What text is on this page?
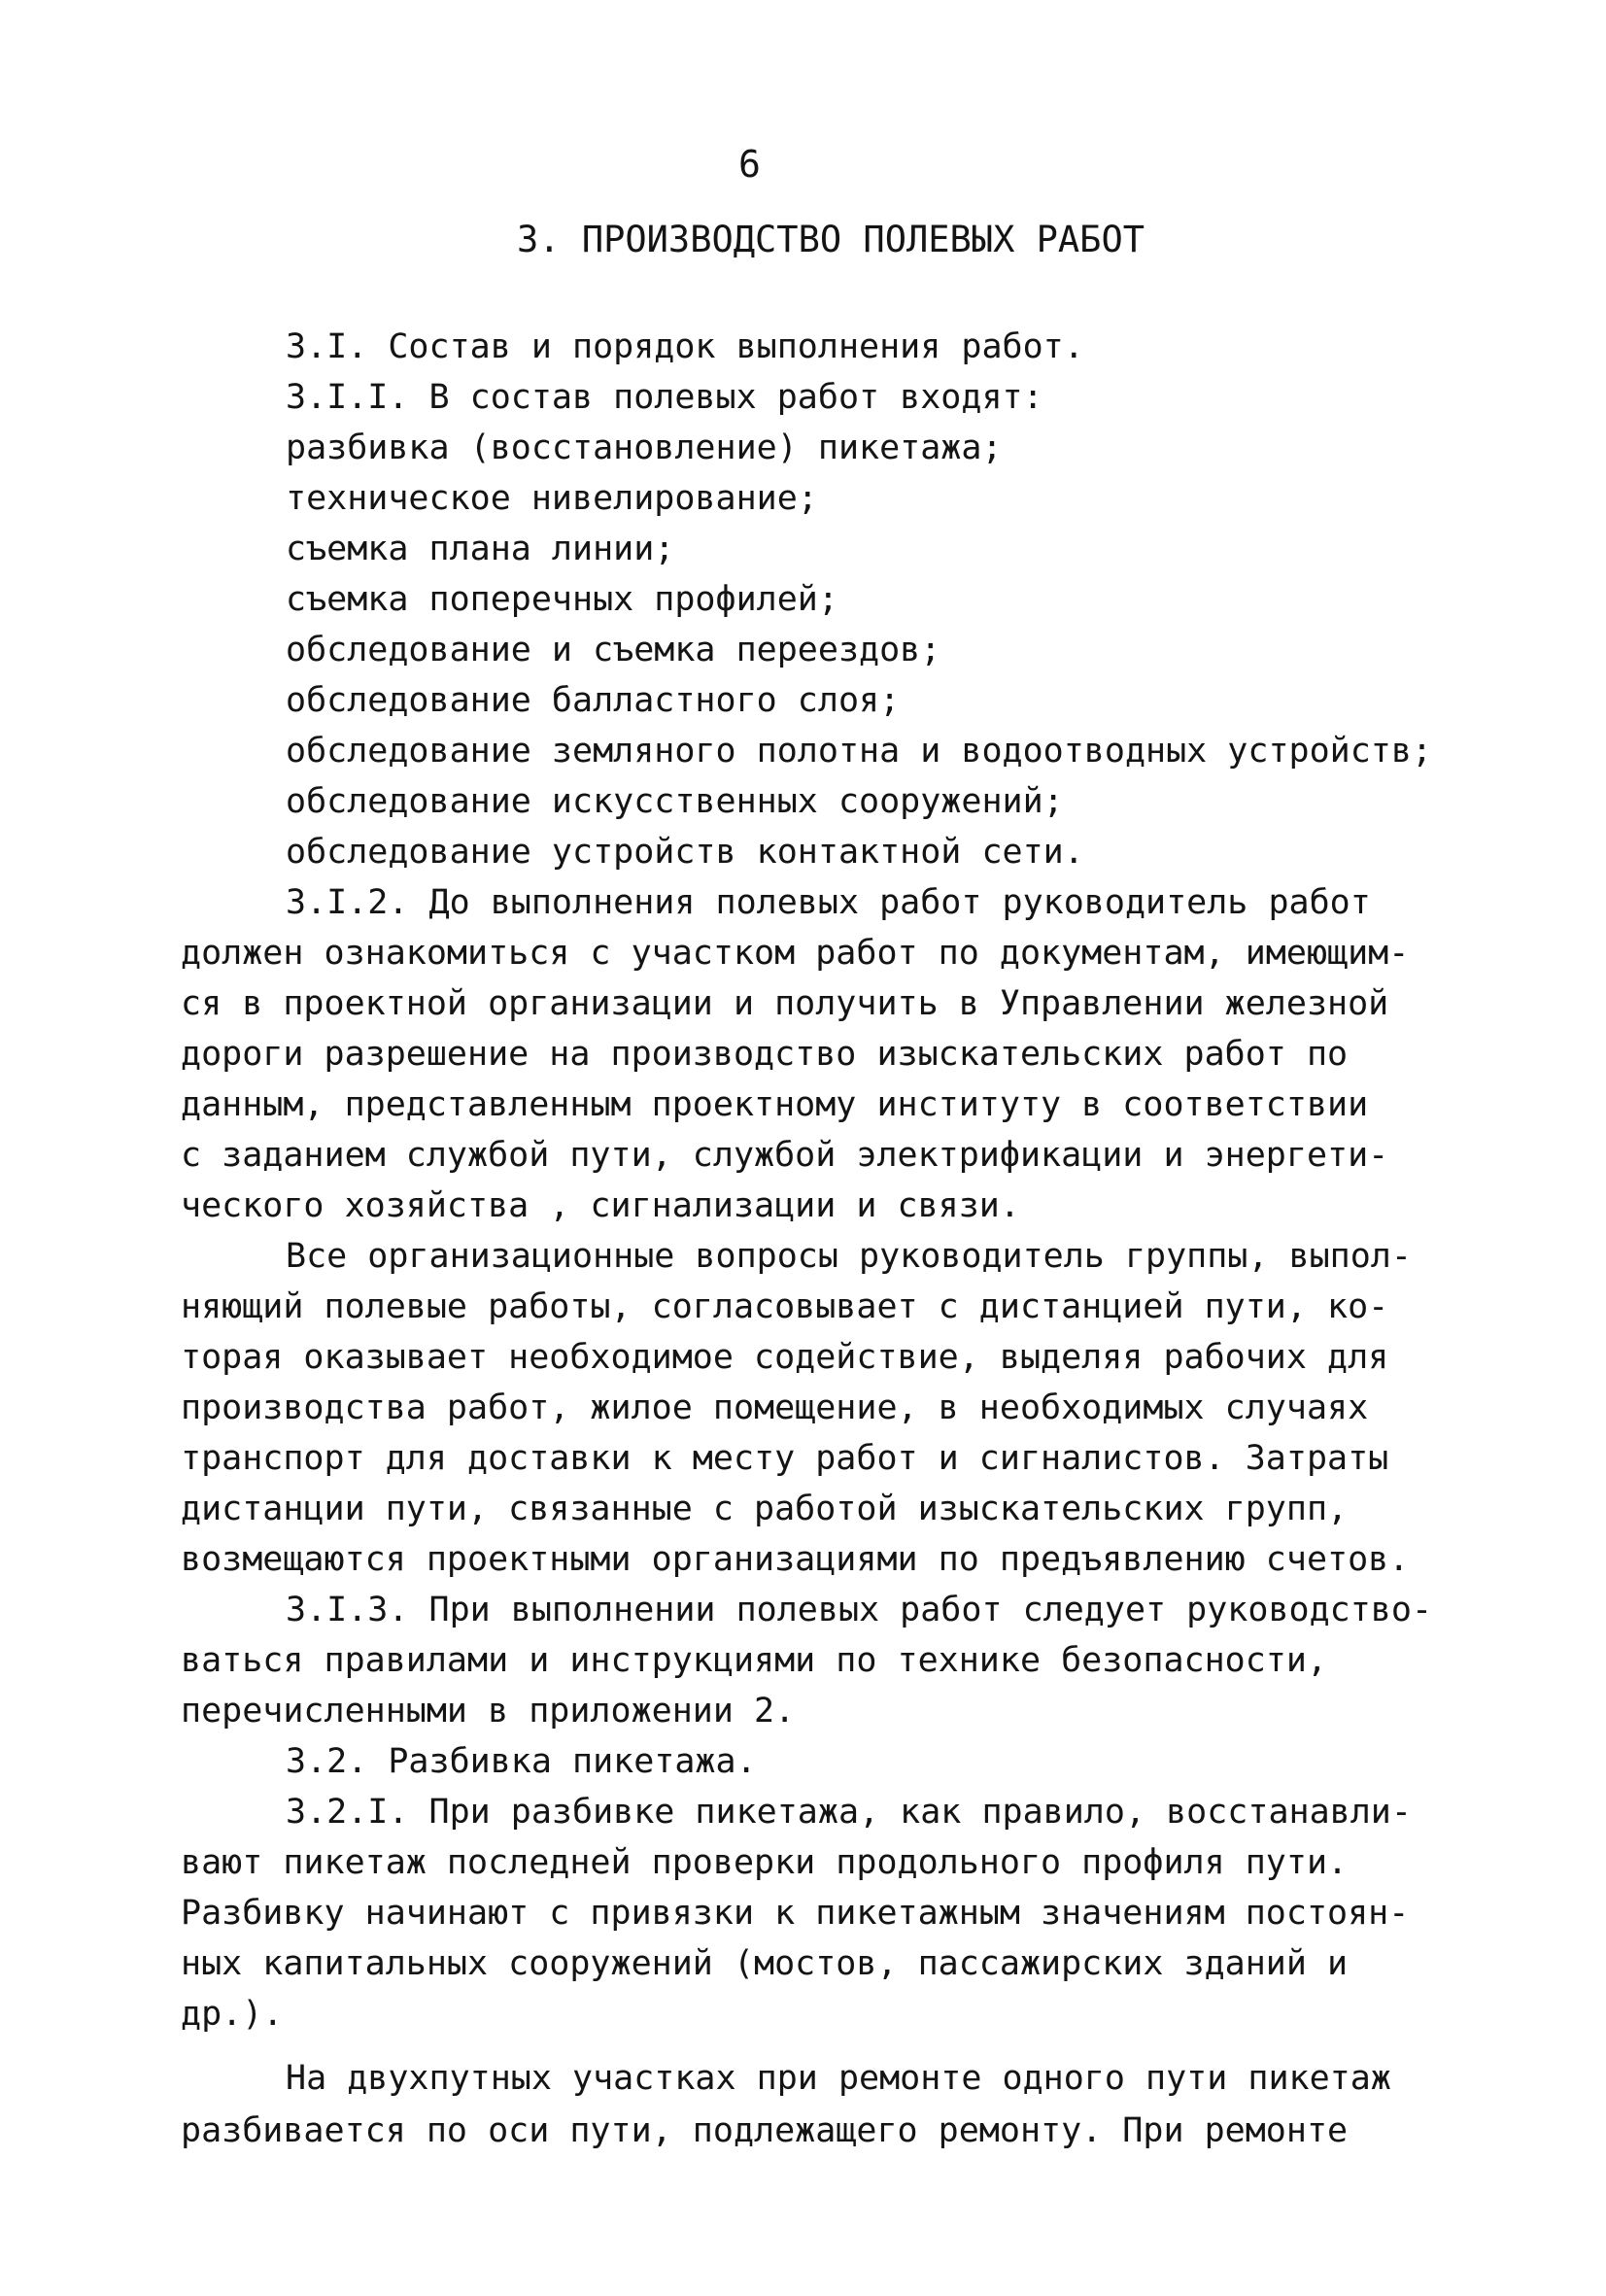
6
3. ПРОИЗВОДСТВО ПОЛЕВЫХ РАБОТ
3.I. Состав и порядок выполнения работ.
3.I.I. В состав полевых работ входят:
разбивка (восстановление) пикетажа;
техническое нивелирование;
съемка плана линии;
съемка поперечных профилей;
обследование и съемка переездов;
обследование балластного слоя;
обследование земляного полотна и водоотводных устройств;
обследование искусственных сооружений;
обследование устройств контактной сети.
3.I.2. До выполнения полевых работ руководитель работ
должен ознакомиться с участком работ по документам, имеющим-
ся в проектной организации и получить в Управлении железной
дороги разрешение на производство изыскательских работ по
данным, представленным проектному институту в соответствии
с заданием службой пути, службой электрификации и энергети-
ческого хозяйства , сигнализации и связи.
Все организационные вопросы руководитель группы, выпол-
няющий полевые работы, согласовывает с дистанцией пути, ко-
торая оказывает необходимое содействие, выделяя рабочих для
производства работ, жилое помещение, в необходимых случаях
транспорт для доставки к месту работ и сигналистов. Затраты
дистанции пути, связанные с работой изыскательских групп,
возмещаются проектными организациями по предъявлению счетов.
3.I.3. При выполнении полевых работ следует руководство-
ваться правилами и инструкциями по технике безопасности,
перечисленными в приложении 2.
3.2. Разбивка пикетажа.
3.2.I. При разбивке пикетажа, как правило, восстанавли-
вают пикетаж последней проверки продольного профиля пути.
Разбивку начинают с привязки к пикетажным значениям постоян-
ных капитальных сооружений (мостов, пассажирских зданий и
др.).
На двухпутных участках при ремонте одного пути пикетаж
разбивается по оси пути, подлежащего ремонту. При ремонте
